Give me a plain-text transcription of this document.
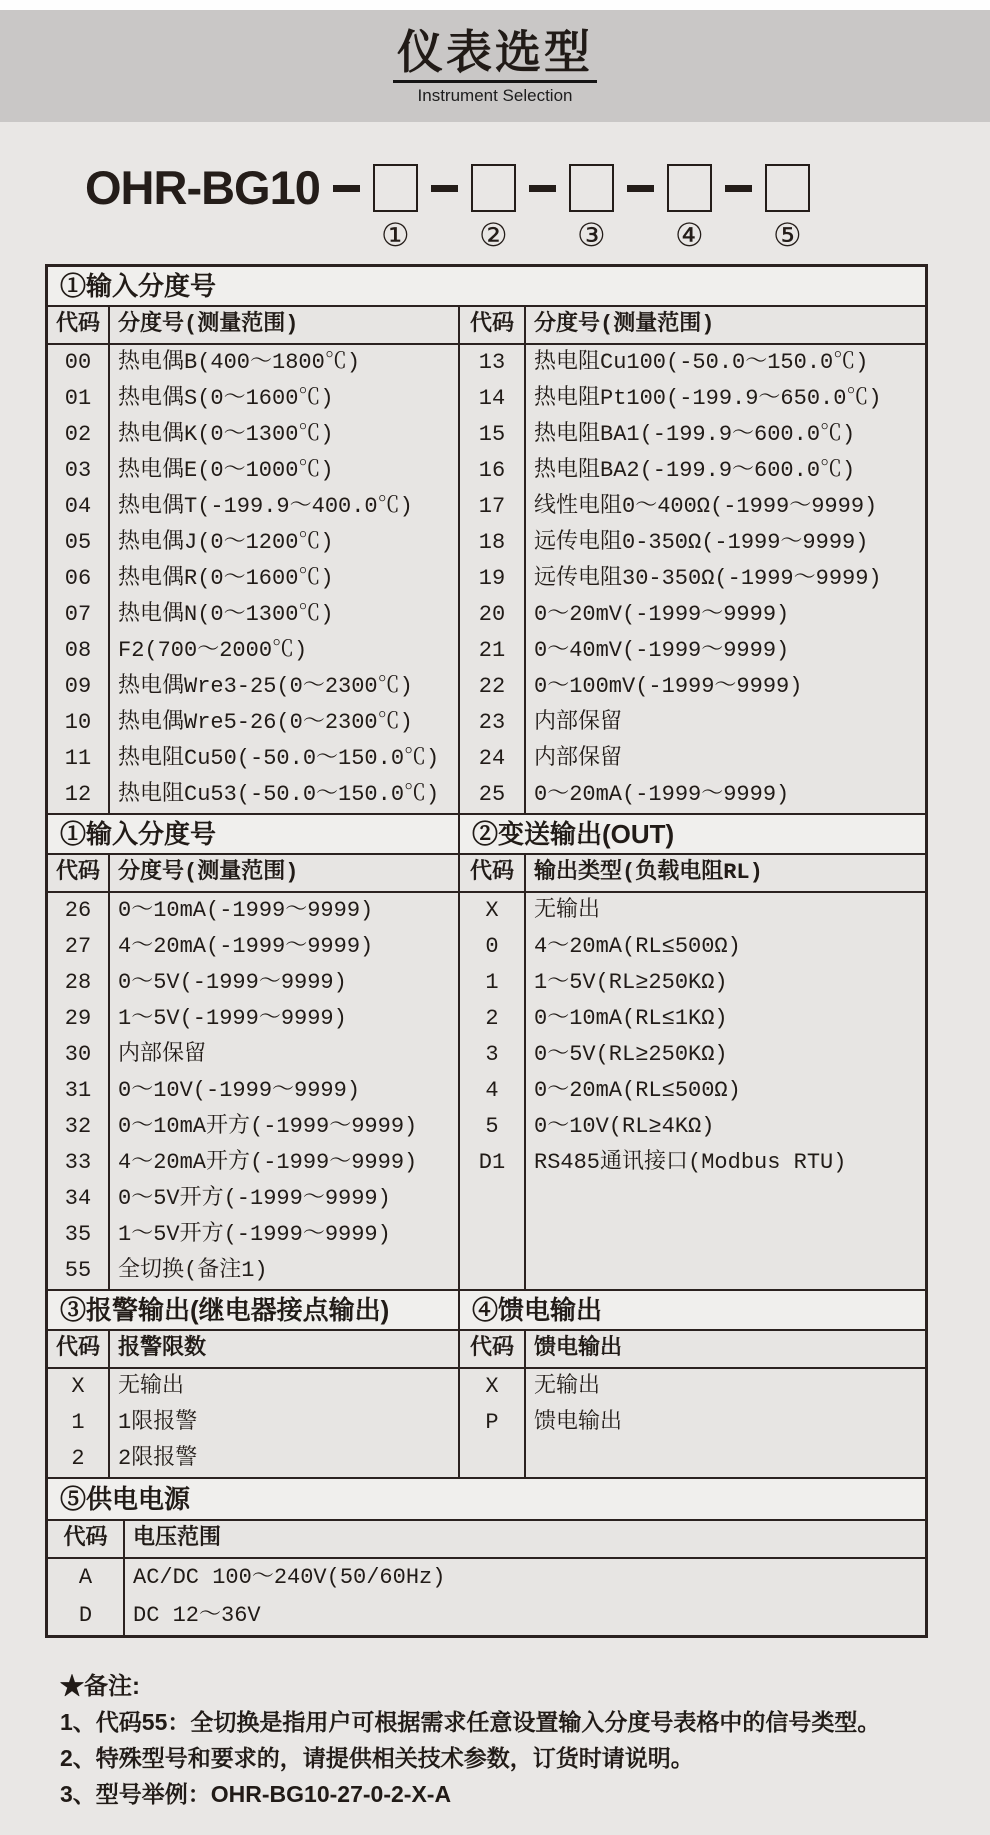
仪表选型
Instrument Selection
OHR-BG10
① ② ③ ④ ⑤
①输入分度号
代码 分度号(测量范围)
00	热电偶B(400～1800℃)
01	热电偶S(0～1600℃)
02	热电偶K(0～1300℃)
03	热电偶E(0～1000℃)
04	热电偶T(-199.9～400.0℃)
05	热电偶J(0～1200℃)
06	热电偶R(0～1600℃)
07	热电偶N(0～1300℃)
08	F2(700～2000℃)
09	热电偶Wre3-25(0～2300℃)
10	热电偶Wre5-26(0～2300℃)
11	热电阻Cu50(-50.0～150.0℃)
12	热电阻Cu53(-50.0～150.0℃)
代码 分度号(测量范围)
13	热电阻Cu100(-50.0～150.0℃)
14	热电阻Pt100(-199.9～650.0℃)
15	热电阻BA1(-199.9～600.0℃)
16	热电阻BA2(-199.9～600.0℃)
17	线性电阻0～400Ω(-1999～9999)
18	远传电阻0-350Ω(-1999～9999)
19	远传电阻30-350Ω(-1999～9999)
20	0～20mV(-1999～9999)
21	0～40mV(-1999～9999)
22	0～100mV(-1999～9999)
23	内部保留
24	内部保留
25	0～20mA(-1999～9999)
①输入分度号	②变送输出(OUT)
代码 分度号(测量范围)
26	0～10mA(-1999～9999)
27	4～20mA(-1999～9999)
28	0～5V(-1999～9999)
29	1～5V(-1999～9999)
30	内部保留
31	0～10V(-1999～9999)
32	0～10mA开方(-1999～9999)
33	4～20mA开方(-1999～9999)
34	0～5V开方(-1999～9999)
35	1～5V开方(-1999～9999)
55	全切换(备注1)
代码 输出类型(负载电阻RL)
X	无输出
0	4～20mA(RL≤500Ω)
1	1～5V(RL≥250KΩ)
2	0～10mA(RL≤1KΩ)
3	0～5V(RL≥250KΩ)
4	0～20mA(RL≤500Ω)
5	0～10V(RL≥4KΩ)
D1	RS485通讯接口(Modbus RTU)
③报警输出(继电器接点输出)	④馈电输出
代码 报警限数
X	无输出
1	1限报警
2	2限报警
代码 馈电输出
X	无输出
P	馈电输出
⑤供电电源
代码	电压范围
A	AC/DC 100～240V(50/60Hz)
D	DC 12～36V
★备注:
1、代码55：全切换是指用户可根据需求任意设置输入分度号表格中的信号类型。
2、特殊型号和要求的，请提供相关技术参数，订货时请说明。
3、型号举例：OHR-BG10-27-0-2-X-A
